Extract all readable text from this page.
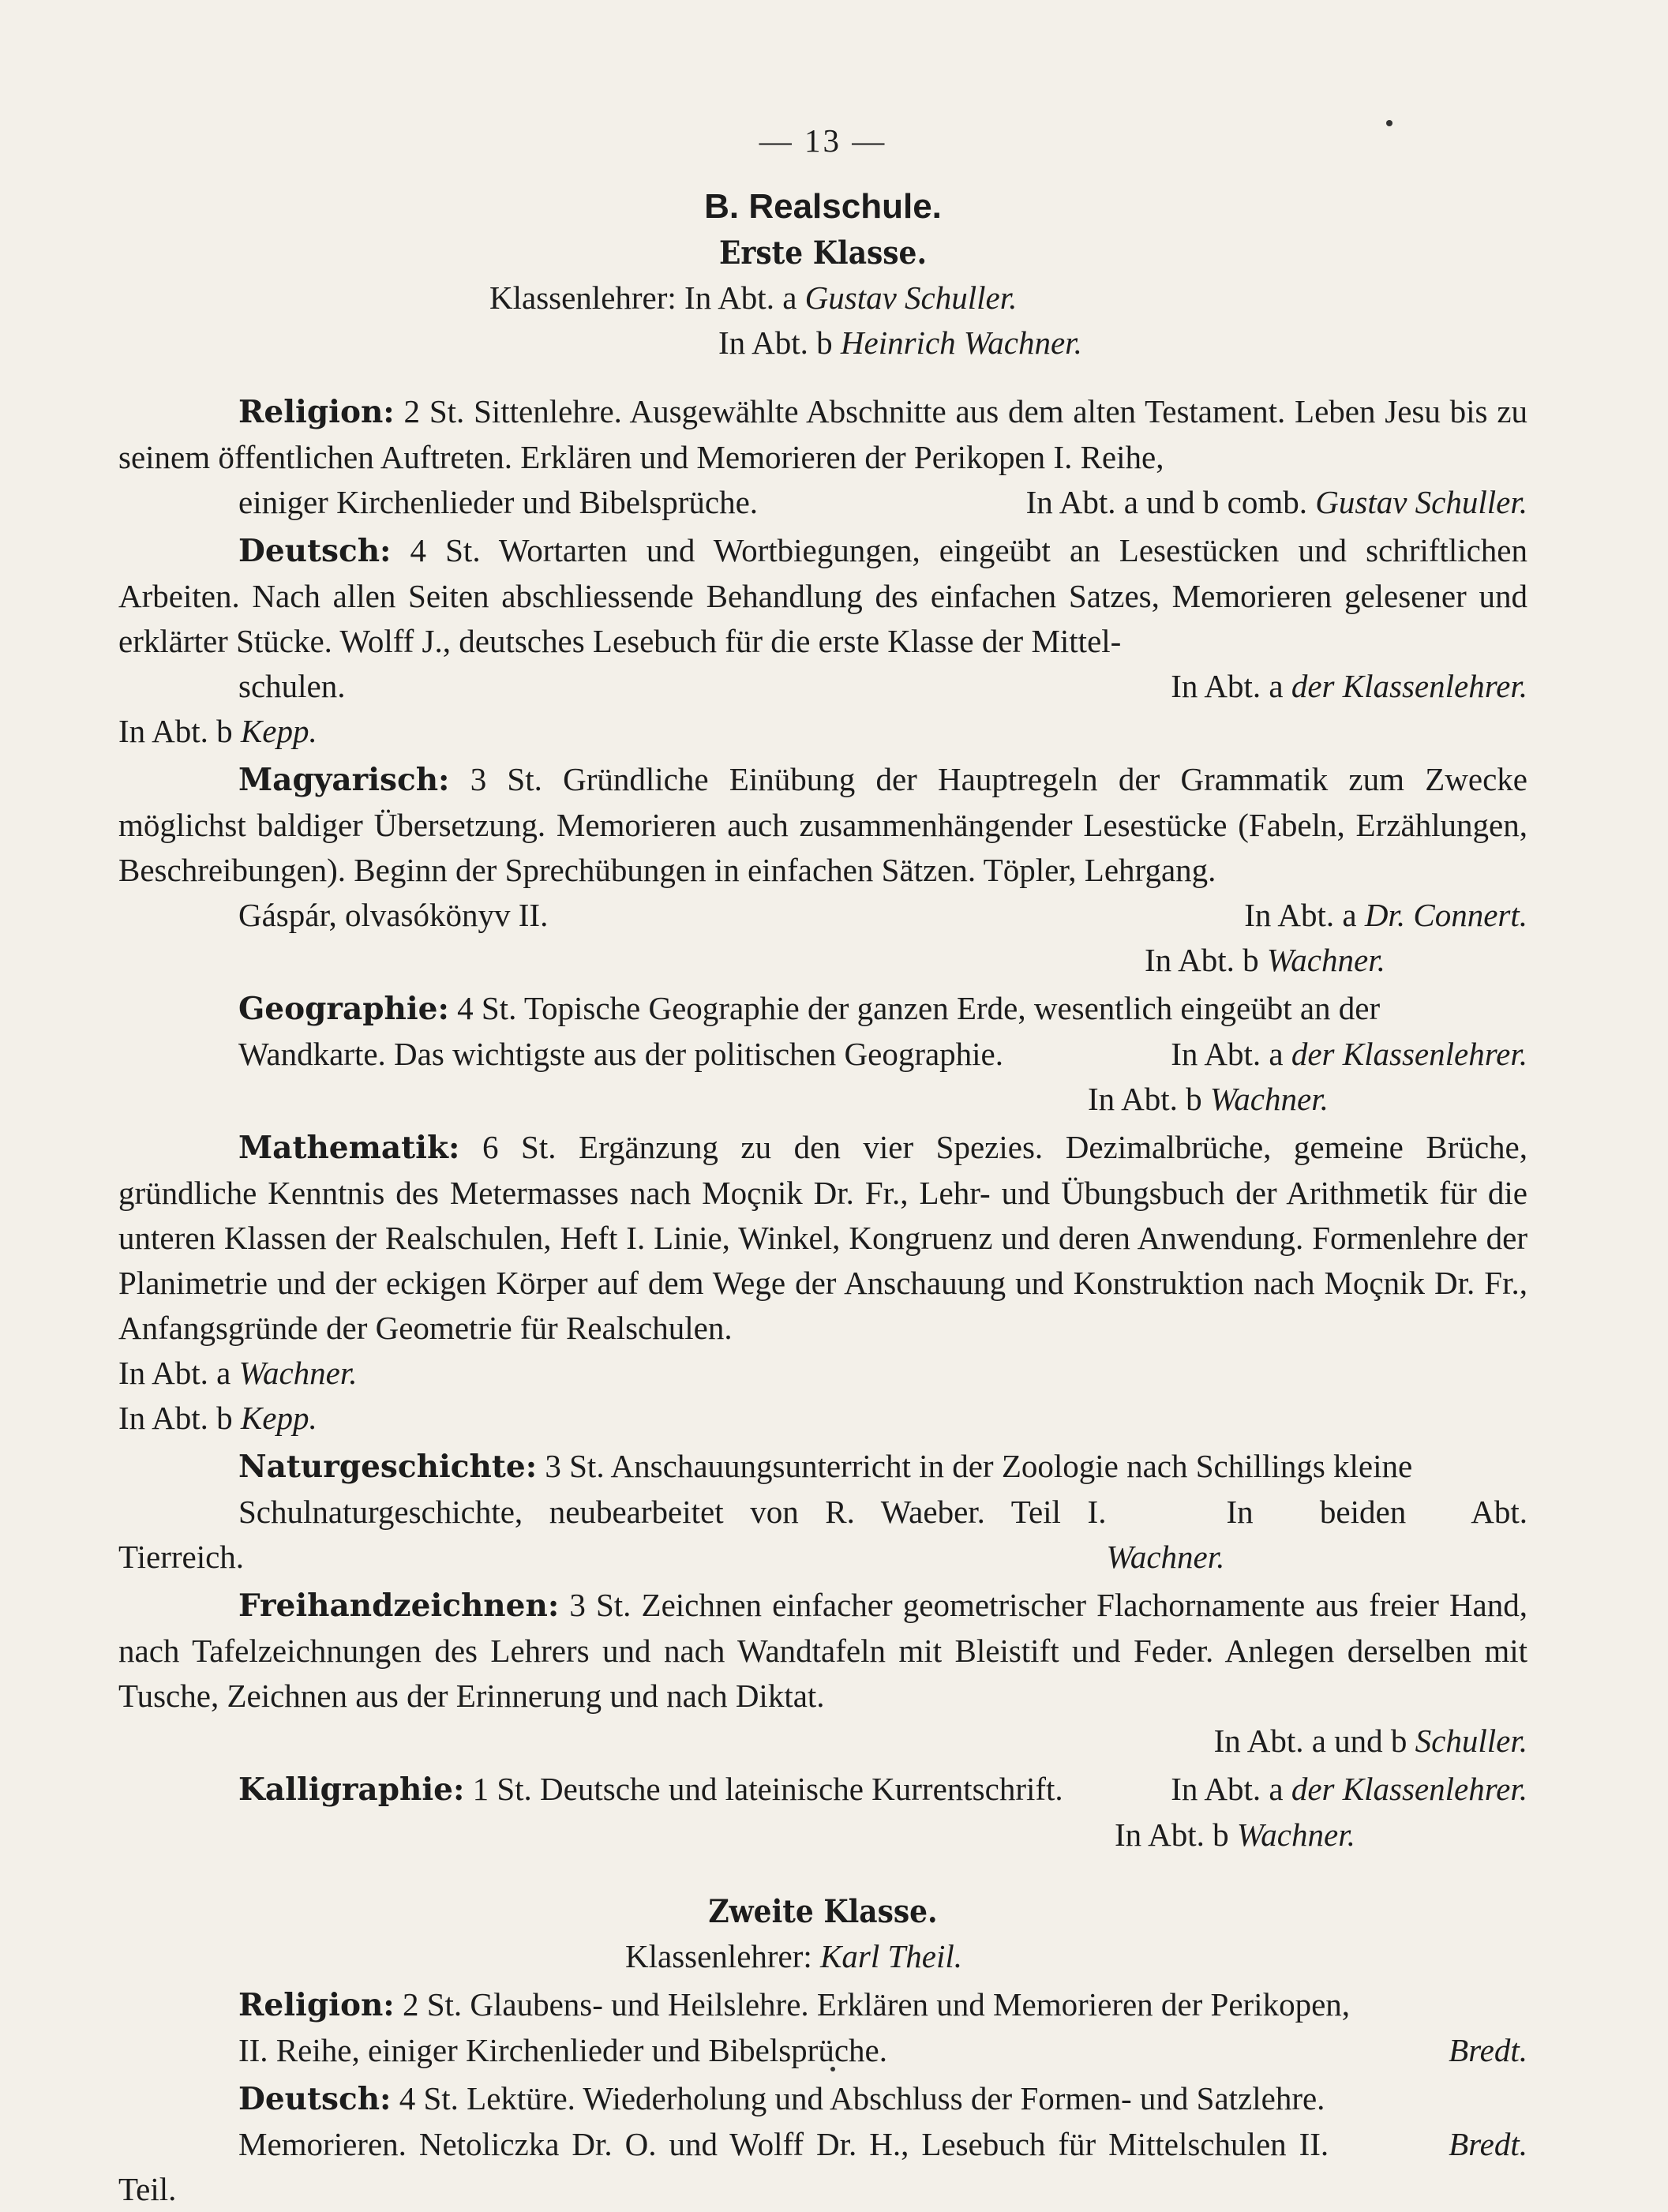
— 13 —
B. Realschule.
Erste Klasse.
Klassenlehrer: In Abt. a Gustav Schuller.
In Abt. b Heinrich Wachner.

Religion: 2 St. Sittenlehre. Ausgewählte Abschnitte aus dem alten Testament. Leben Jesu bis zu seinem öffentlichen Auftreten. Erklären und Memorieren der Perikopen I. Reihe,

einiger Kirchenlieder und Bibelsprüche.	In Abt. a und b comb. Gustav Schuller.

Deutsch: 4 St. Wortarten und Wortbiegungen, eingeübt an Lesestücken und schriftlichen Arbeiten. Nach allen Seiten abschliessende Behandlung des einfachen Satzes, Memorieren gelesener und erklärter Stücke. Wolff J., deutsches Lesebuch für die erste Klasse der Mittel-

schulen.	In Abt. a der Klassenlehrer.

In Abt. b Kepp.

Magyarisch: 3 St. Gründliche Einübung der Hauptregeln der Grammatik zum Zwecke möglichst baldiger Übersetzung. Memorieren auch zusammenhängender Lesestücke (Fabeln, Erzählungen, Beschreibungen). Beginn der Sprechübungen in einfachen Sätzen. Töpler, Lehrgang.

Gáspár, olvasókönyv II.	In Abt. a Dr. Connert.

In Abt. b Wachner.

Geographie: 4 St. Topische Geographie der ganzen Erde, wesentlich eingeübt an der

Wandkarte. Das wichtigste aus der politischen Geographie.	In Abt. a der Klassenlehrer.

In Abt. b Wachner.

Mathematik: 6 St. Ergänzung zu den vier Spezies. Dezimalbrüche, gemeine Brüche, gründliche Kenntnis des Metermasses nach Moçnik Dr. Fr., Lehr- und Übungsbuch der Arithmetik für die unteren Klassen der Realschulen, Heft I. Linie, Winkel, Kongruenz und deren Anwendung. Formenlehre der Planimetrie und der eckigen Körper auf dem Wege der Anschauung und Konstruktion nach Moçnik Dr. Fr., Anfangsgründe der Geometrie für Realschulen.

In Abt. a Wachner.

In Abt. b Kepp.

Naturgeschichte: 3 St. Anschauungsunterricht in der Zoologie nach Schillings kleine

Schulnaturgeschichte, neubearbeitet von R. Waeber. Teil I. Tierreich.
In beiden Abt. Wachner.

Freihandzeichnen: 3 St. Zeichnen einfacher geometrischer Flachornamente aus freier Hand, nach Tafelzeichnungen des Lehrers und nach Wandtafeln mit Bleistift und Feder. Anlegen derselben mit Tusche, Zeichnen aus der Erinnerung und nach Diktat.

In Abt. a und b Schuller.

Kalligraphie: 1 St. Deutsche und lateinische Kurrentschrift.	In Abt. a der Klassenlehrer.

In Abt. b Wachner.

Zweite Klasse.
Klassenlehrer: Karl Theil.

Religion: 2 St. Glaubens- und Heilslehre. Erklären und Memorieren der Perikopen,

II. Reihe, einiger Kirchenlieder und Bibelsprüche.	Bredt.

Deutsch: 4 St. Lektüre. Wiederholung und Abschluss der Formen- und Satzlehre.

Memorieren. Netoliczka Dr. O. und Wolff Dr. H., Lesebuch für Mittelschulen II. Teil.
Bredt.
